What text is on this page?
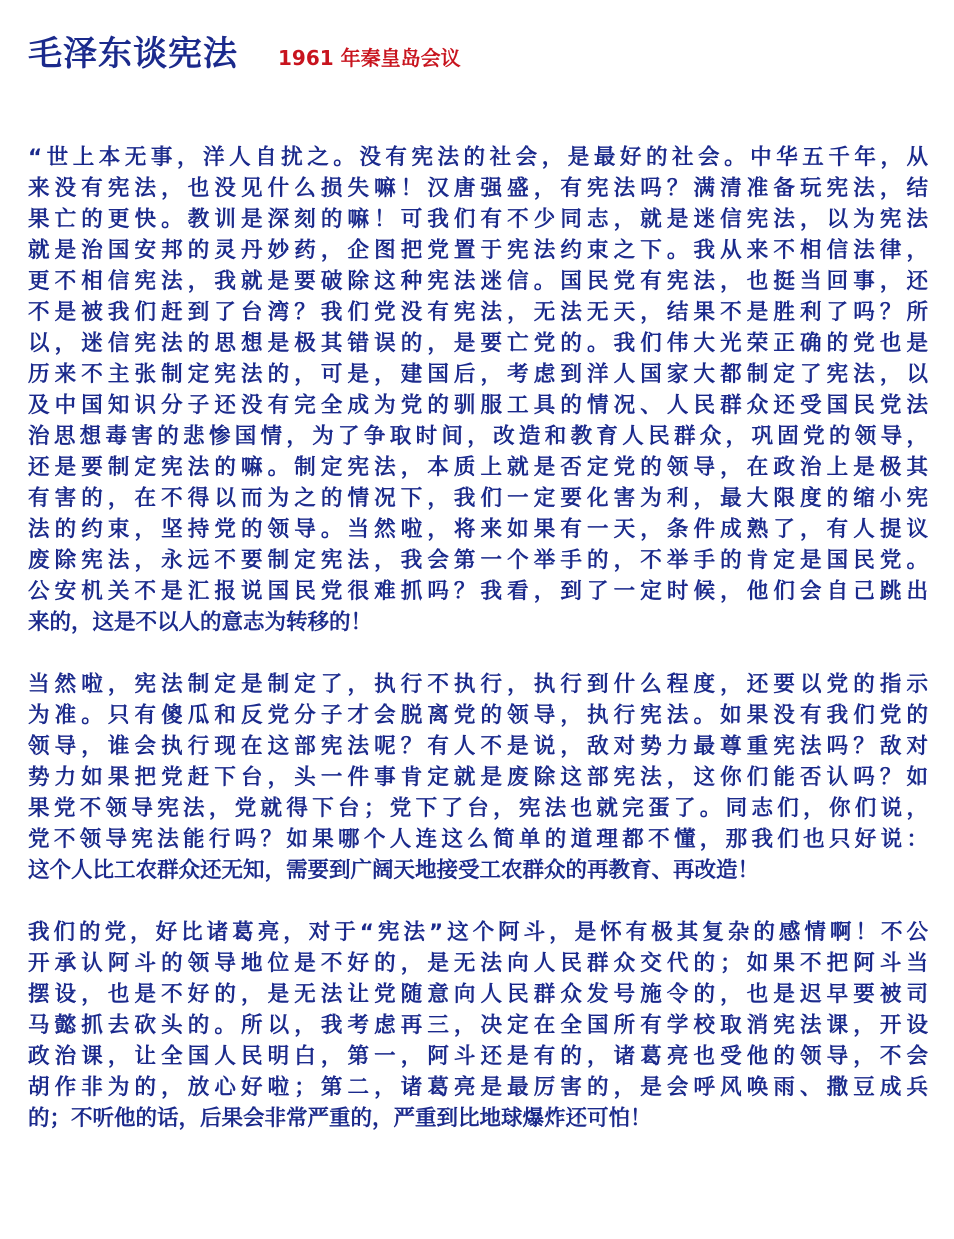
毛泽东谈宪法 1961 年秦皇岛会议
“世上本无事，洋人自扰之。没有宪法的社会，是最好的社会。中华五千年，从
来没有宪法，也没见什么损失嘛！汉唐强盛，有宪法吗？满清准备玩宪法，结
果亡的更快。教训是深刻的嘛！可我们有不少同志，就是迷信宪法，以为宪法
就是治国安邦的灵丹妙药，企图把党置于宪法约束之下。我从来不相信法律，
更不相信宪法，我就是要破除这种宪法迷信。国民党有宪法，也挺当回事，还
不是被我们赶到了台湾？我们党没有宪法，无法无天，结果不是胜利了吗？所
以，迷信宪法的思想是极其错误的，是要亡党的。我们伟大光荣正确的党也是
历来不主张制定宪法的，可是，建国后，考虑到洋人国家大都制定了宪法，以
及中国知识分子还没有完全成为党的驯服工具的情况、人民群众还受国民党法
治思想毒害的悲惨国情，为了争取时间，改造和教育人民群众，巩固党的领导，
还是要制定宪法的嘛。制定宪法，本质上就是否定党的领导，在政治上是极其
有害的，在不得以而为之的情况下，我们一定要化害为利，最大限度的缩小宪
法的约束，坚持党的领导。当然啦，将来如果有一天，条件成熟了，有人提议
废除宪法，永远不要制定宪法，我会第一个举手的，不举手的肯定是国民党。
公安机关不是汇报说国民党很难抓吗？我看，到了一定时候，他们会自己跳出
来的，这是不以人的意志为转移的！
当然啦，宪法制定是制定了，执行不执行，执行到什么程度，还要以党的指示
为准。只有傻瓜和反党分子才会脱离党的领导，执行宪法。如果没有我们党的
领导，谁会执行现在这部宪法呢？有人不是说，敌对势力最尊重宪法吗？敌对
势力如果把党赶下台，头一件事肯定就是废除这部宪法，这你们能否认吗？如
果党不领导宪法，党就得下台；党下了台，宪法也就完蛋了。同志们，你们说，
党不领导宪法能行吗？如果哪个人连这么简单的道理都不懂，那我们也只好说：
这个人比工农群众还无知，需要到广阔天地接受工农群众的再教育、再改造！
我们的党，好比诸葛亮，对于“宪法”这个阿斗，是怀有极其复杂的感情啊！不公
开承认阿斗的领导地位是不好的，是无法向人民群众交代的；如果不把阿斗当
摆设，也是不好的，是无法让党随意向人民群众发号施令的，也是迟早要被司
马懿抓去砍头的。所以，我考虑再三，决定在全国所有学校取消宪法课，开设
政治课，让全国人民明白，第一，阿斗还是有的，诸葛亮也受他的领导，不会
胡作非为的，放心好啦；第二，诸葛亮是最厉害的，是会呼风唤雨、撒豆成兵
的；不听他的话，后果会非常严重的，严重到比地球爆炸还可怕！
